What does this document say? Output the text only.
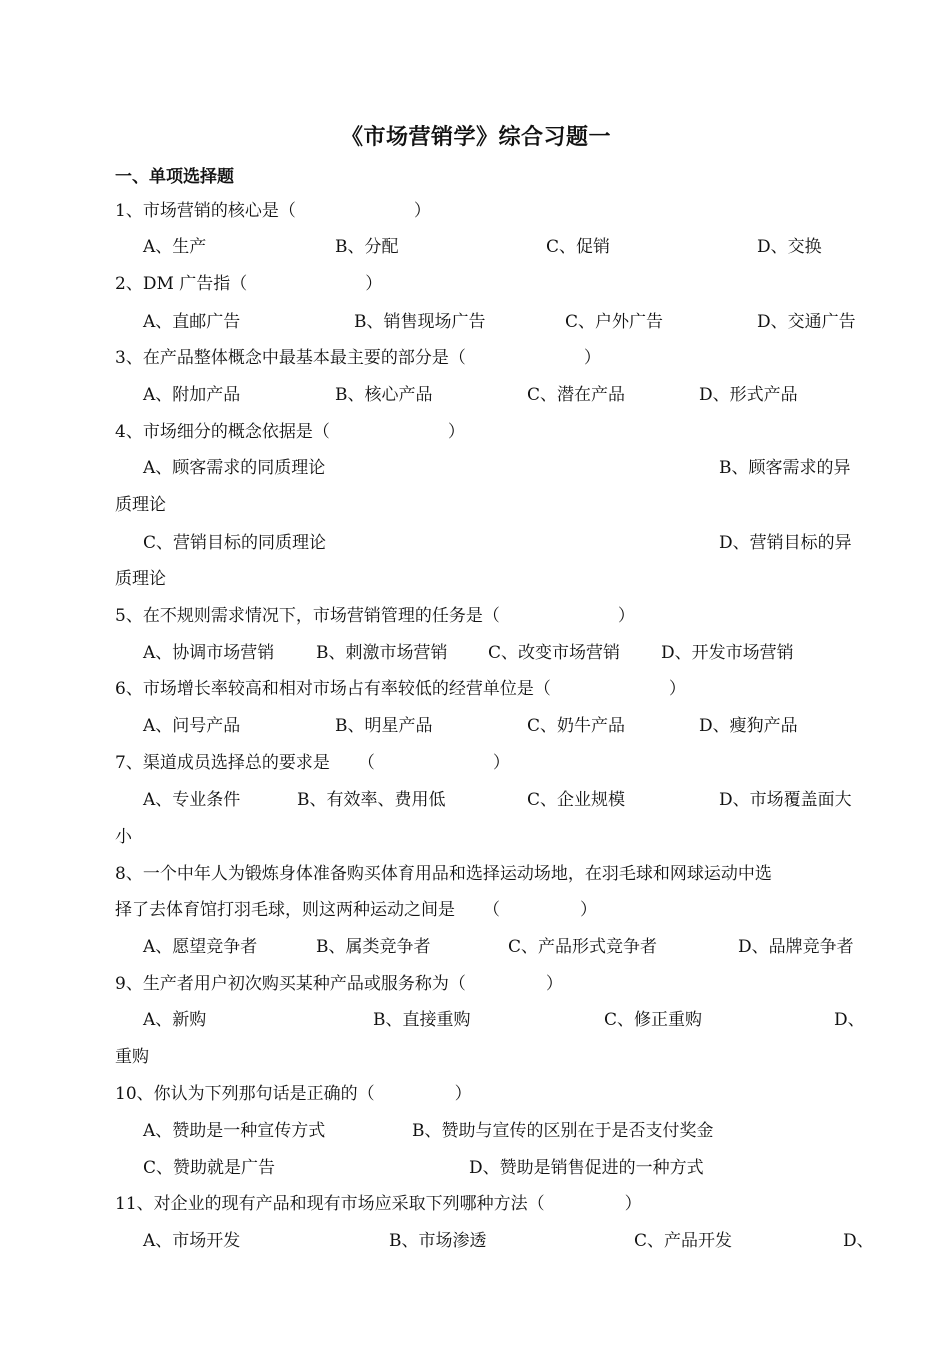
《市场营销学》综合习题一
一、单项选择题
1、市场营销的核心是（	）
A、生产	B、分配	C、促销	D、交换
2、DM 广告指（	）
A、直邮广告	B、销售现场广告	C、户外广告	D、交通广告
3、在产品整体概念中最基本最主要的部分是（	）
A、附加产品	B、核心产品	C、潜在产品	D、形式产品
4、市场细分的概念依据是（	）
A、顾客需求的同质理论	B、顾客需求的异
质理论
C、营销目标的同质理论	D、营销目标的异
质理论
5、在不规则需求情况下，市场营销管理的任务是（	）
A、协调市场营销 B、刺激市场营销 C、改变市场营销 D、开发市场营销
6、市场增长率较高和相对市场占有率较低的经营单位是（	）
A、问号产品	B、明星产品	C、奶牛产品	D、瘦狗产品
7、渠道成员选择总的要求是 （	）
A、专业条件	B、有效率、费用低	C、企业规模	D、市场覆盖面大
小
8、一个中年人为锻炼身体准备购买体育用品和选择运动场地，在羽毛球和网球运动中选
择了去体育馆打羽毛球，则这两种运动之间是 （	）
A、愿望竞争者	B、属类竞争者	C、产品形式竞争者	D、品牌竞争者
9、生产者用户初次购买某种产品或服务称为（	）
A、新购	B、直接重购	C、修正重购	D、
重购
10、你认为下列那句话是正确的（	）
A、赞助是一种宣传方式	B、赞助与宣传的区别在于是否支付奖金
C、赞助就是广告	D、赞助是销售促进的一种方式
11、对企业的现有产品和现有市场应采取下列哪种方法（	）
A、市场开发	B、市场渗透	C、产品开发	D、
